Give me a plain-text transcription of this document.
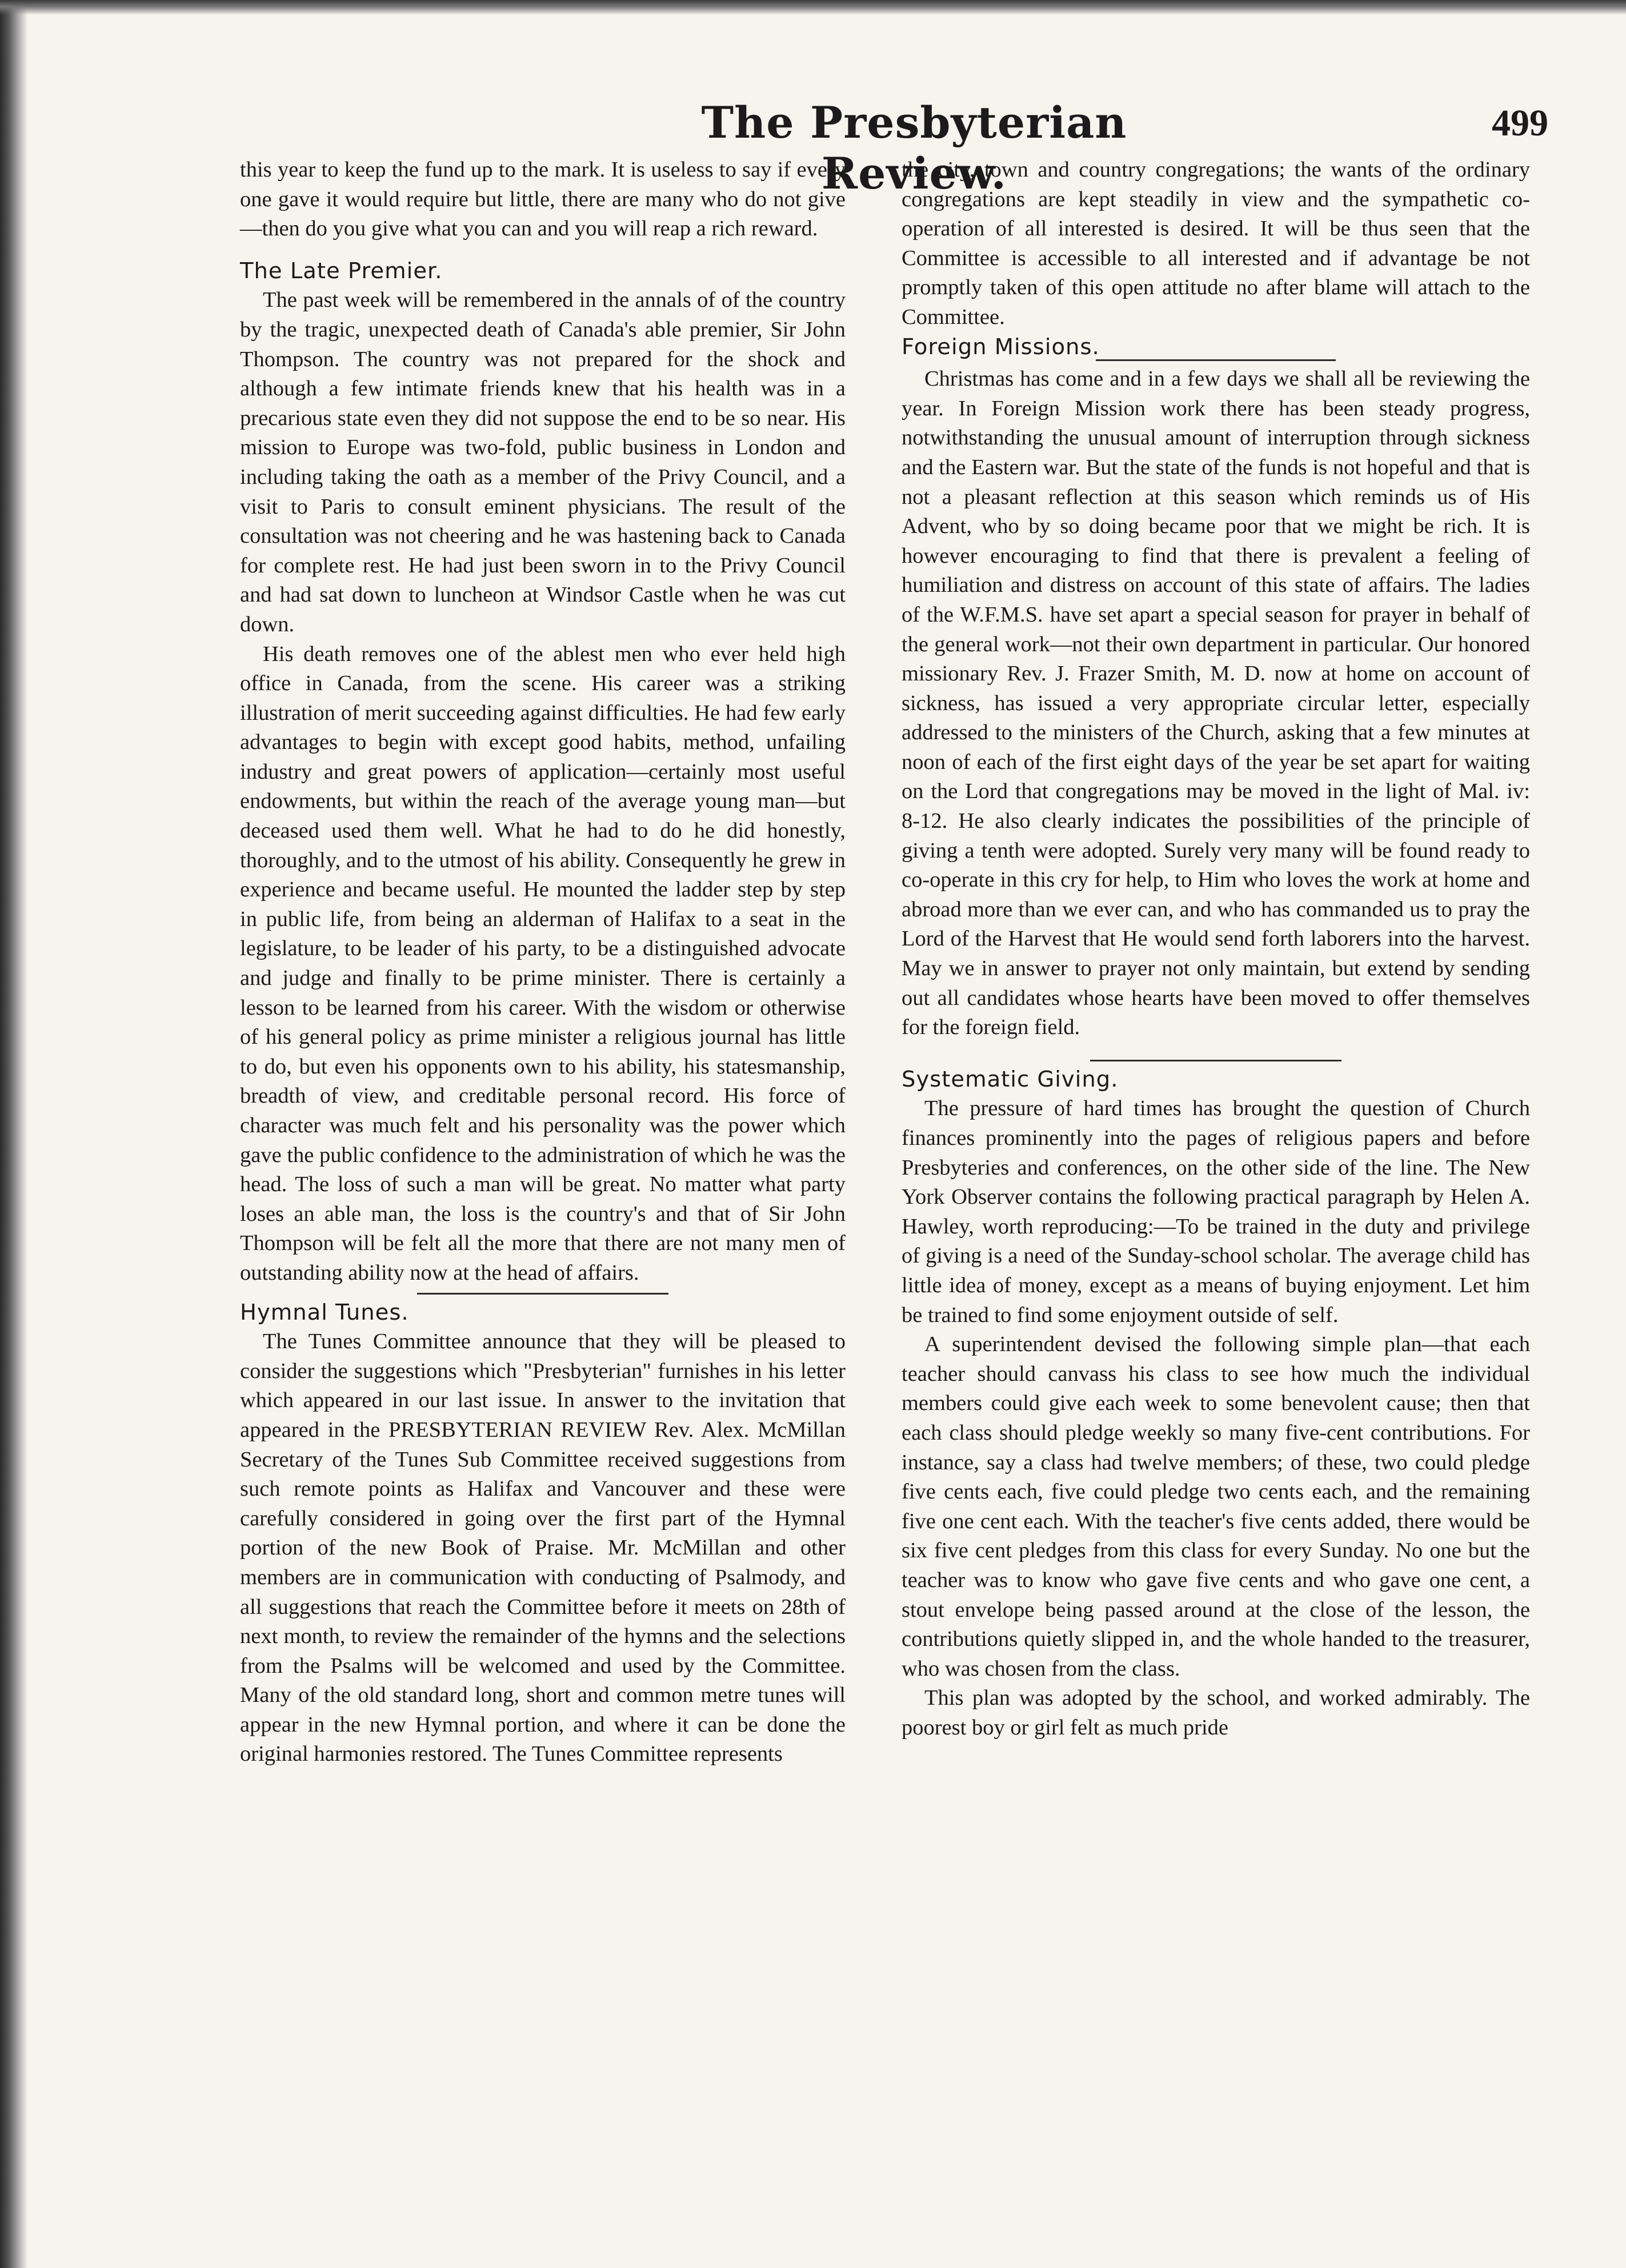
The Presbyterian Review.
499

this year to keep the fund up to the mark. It is useless to say if every one gave it would require but little, there are many who do not give—then do you give what you can and you will reap a rich reward.

The Late Premier.

The past week will be remembered in the annals of of the country by the tragic, unexpected death of Canada's able premier, Sir John Thompson. The country was not prepared for the shock and although a few intimate friends knew that his health was in a precarious state even they did not suppose the end to be so near. His mission to Europe was two-fold, public business in London and including taking the oath as a member of the Privy Council, and a visit to Paris to consult eminent physicians. The result of the consultation was not cheering and he was hastening back to Canada for complete rest. He had just been sworn in to the Privy Council and had sat down to luncheon at Windsor Castle when he was cut down.

His death removes one of the ablest men who ever held high office in Canada, from the scene. His career was a striking illustration of merit succeeding against difficulties. He had few early advantages to begin with except good habits, method, unfailing industry and great powers of application—certainly most useful endowments, but within the reach of the average young man—but deceased used them well. What he had to do he did honestly, thoroughly, and to the utmost of his ability. Consequently he grew in experience and became useful. He mounted the ladder step by step in public life, from being an alderman of Halifax to a seat in the legislature, to be leader of his party, to be a distinguished advocate and judge and finally to be prime minister. There is certainly a lesson to be learned from his career. With the wisdom or otherwise of his general policy as prime minister a religious journal has little to do, but even his opponents own to his ability, his statesmanship, breadth of view, and creditable personal record. His force of character was much felt and his personality was the power which gave the public confidence to the administration of which he was the head. The loss of such a man will be great. No matter what party loses an able man, the loss is the country's and that of Sir John Thompson will be felt all the more that there are not many men of outstanding ability now at the head of affairs.

Hymnal Tunes.

The Tunes Committee announce that they will be pleased to consider the suggestions which "Presbyterian" furnishes in his letter which appeared in our last issue. In answer to the invitation that appeared in the PRESBYTERIAN REVIEW Rev. Alex. McMillan Secretary of the Tunes Sub Committee received suggestions from such remote points as Halifax and Vancouver and these were carefully considered in going over the first part of the Hymnal portion of the new Book of Praise. Mr. McMillan and other members are in communication with conducting of Psalmody, and all suggestions that reach the Committee before it meets on 28th of next month, to review the remainder of the hymns and the selections from the Psalms will be welcomed and used by the Committee. Many of the old standard long, short and common metre tunes will appear in the new Hymnal portion, and where it can be done the original harmonies restored. The Tunes Committee represents

the city, town and country congregations; the wants of the ordinary congregations are kept steadily in view and the sympathetic co-operation of all interested is desired. It will be thus seen that the Committee is accessible to all interested and if advantage be not promptly taken of this open attitude no after blame will attach to the Committee.

Foreign Missions.

Christmas has come and in a few days we shall all be reviewing the year. In Foreign Mission work there has been steady progress, notwithstanding the unusual amount of interruption through sickness and the Eastern war. But the state of the funds is not hopeful and that is not a pleasant reflection at this season which reminds us of His Advent, who by so doing became poor that we might be rich. It is however encouraging to find that there is prevalent a feeling of humiliation and distress on account of this state of affairs. The ladies of the W.F.M.S. have set apart a special season for prayer in behalf of the general work—not their own department in particular. Our honored missionary Rev. J. Frazer Smith, M. D. now at home on account of sickness, has issued a very appropriate circular letter, especially addressed to the ministers of the Church, asking that a few minutes at noon of each of the first eight days of the year be set apart for waiting on the Lord that congregations may be moved in the light of Mal. iv: 8-12. He also clearly indicates the possibilities of the principle of giving a tenth were adopted. Surely very many will be found ready to co-operate in this cry for help, to Him who loves the work at home and abroad more than we ever can, and who has commanded us to pray the Lord of the Harvest that He would send forth laborers into the harvest. May we in answer to prayer not only maintain, but extend by sending out all candidates whose hearts have been moved to offer themselves for the foreign field.

Systematic Giving.

The pressure of hard times has brought the question of Church finances prominently into the pages of religious papers and before Presbyteries and conferences, on the other side of the line. The New York Observer contains the following practical paragraph by Helen A. Hawley, worth reproducing:—To be trained in the duty and privilege of giving is a need of the Sunday-school scholar. The average child has little idea of money, except as a means of buying enjoyment. Let him be trained to find some enjoyment outside of self.

A superintendent devised the following simple plan—that each teacher should canvass his class to see how much the individual members could give each week to some benevolent cause; then that each class should pledge weekly so many five-cent contributions. For instance, say a class had twelve members; of these, two could pledge five cents each, five could pledge two cents each, and the remaining five one cent each. With the teacher's five cents added, there would be six five cent pledges from this class for every Sunday. No one but the teacher was to know who gave five cents and who gave one cent, a stout envelope being passed around at the close of the lesson, the contributions quietly slipped in, and the whole handed to the treasurer, who was chosen from the class.

This plan was adopted by the school, and worked admirably. The poorest boy or girl felt as much pride
